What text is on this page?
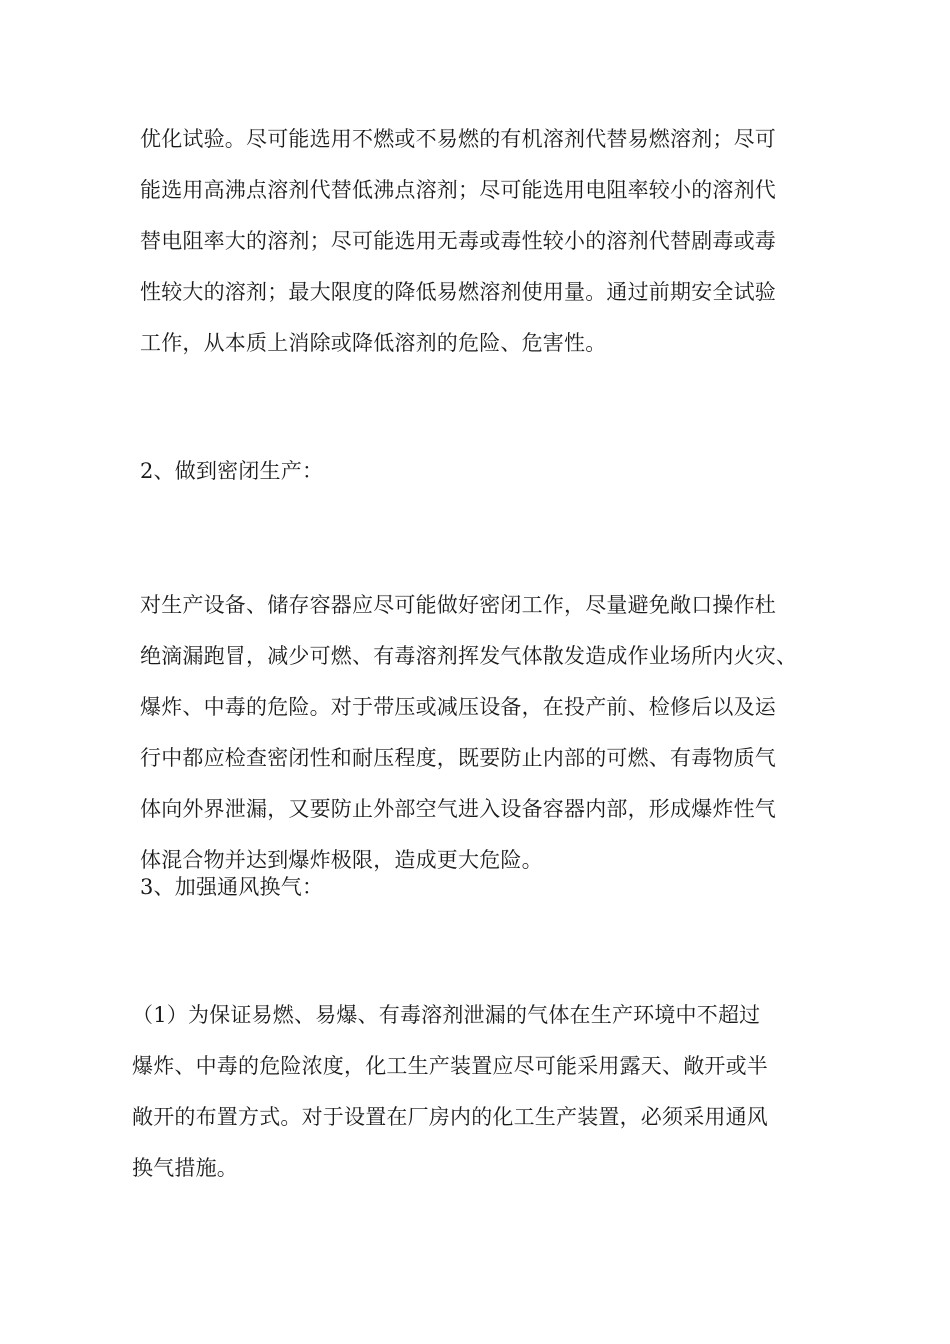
优化试验。尽可能选用不燃或不易燃的有机溶剂代替易燃溶剂；尽可
能选用高沸点溶剂代替低沸点溶剂；尽可能选用电阻率较小的溶剂代
替电阻率大的溶剂；尽可能选用无毒或毒性较小的溶剂代替剧毒或毒
性较大的溶剂；最大限度的降低易燃溶剂使用量。通过前期安全试验
工作，从本质上消除或降低溶剂的危险、危害性。
2、做到密闭生产：
对生产设备、储存容器应尽可能做好密闭工作，尽量避免敞口操作杜
绝滴漏跑冒，减少可燃、有毒溶剂挥发气体散发造成作业场所内火灾、
爆炸、中毒的危险。对于带压或减压设备，在投产前、检修后以及运
行中都应检查密闭性和耐压程度，既要防止内部的可燃、有毒物质气
体向外界泄漏，又要防止外部空气进入设备容器内部，形成爆炸性气
体混合物并达到爆炸极限，造成更大危险。
3、加强通风换气：
（1）为保证易燃、易爆、有毒溶剂泄漏的气体在生产环境中不超过
爆炸、中毒的危险浓度，化工生产装置应尽可能采用露天、敞开或半
敞开的布置方式。对于设置在厂房内的化工生产装置，必须采用通风
换气措施。
